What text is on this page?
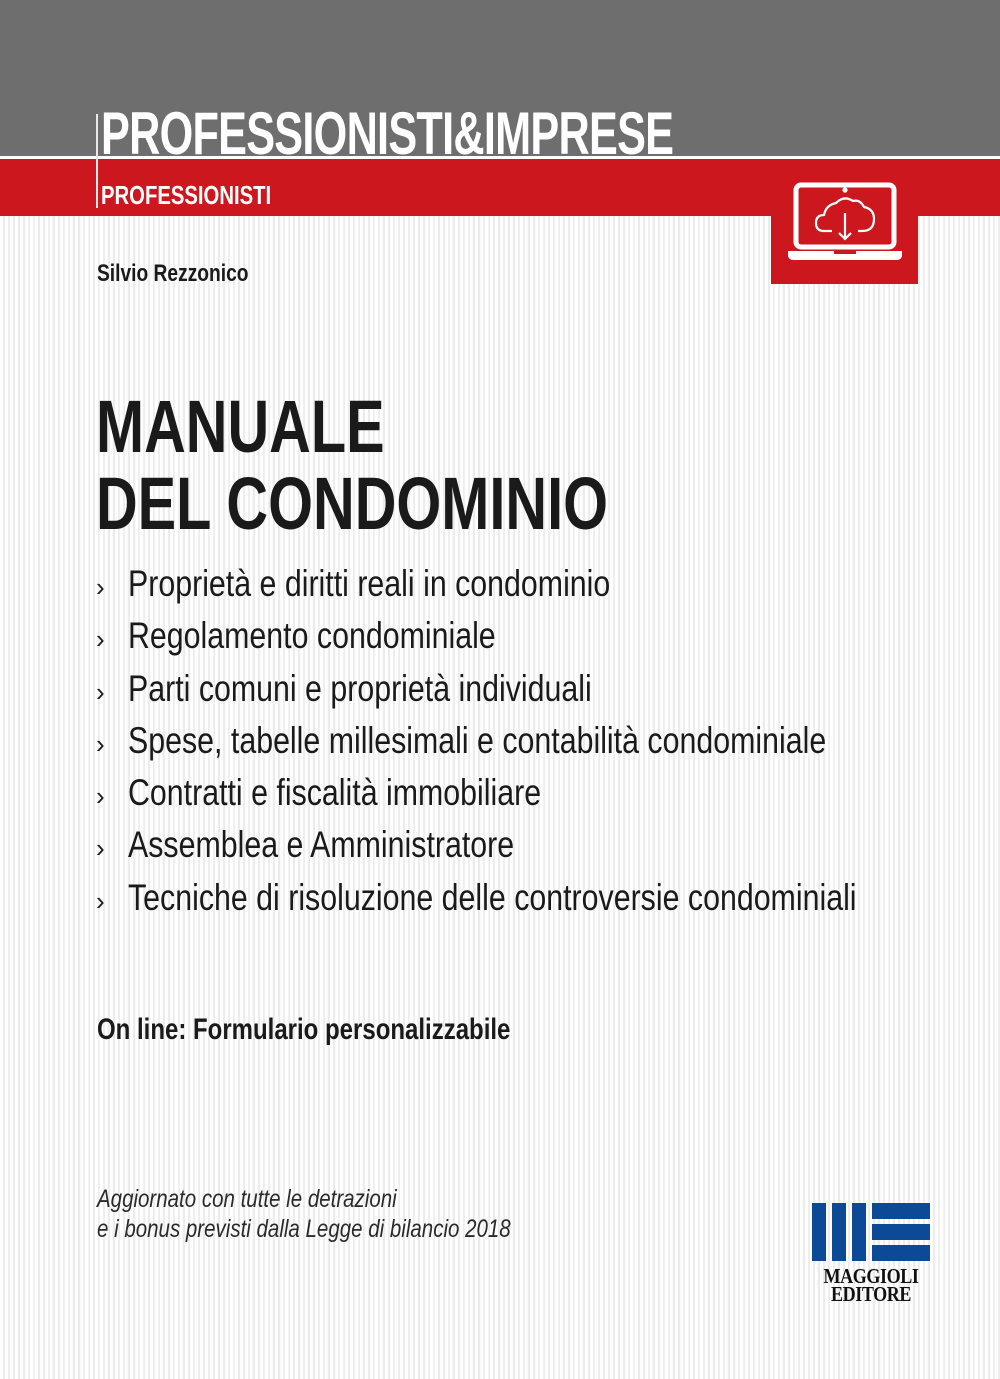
PROFESSIONISTI&IMPRESE
PROFESSIONISTI
Silvio Rezzonico
MANUALE
DEL CONDOMINIO
› Proprietà e diritti reali in condominio
› Regolamento condominiale
› Parti comuni e proprietà individuali
› Spese, tabelle millesimali e contabilità condominiale
› Contratti e fiscalità immobiliare
› Assemblea e Amministratore
› Tecniche di risoluzione delle controversie condominiali
On line: Formulario personalizzabile
Aggiornato con tutte le detrazioni
e i bonus previsti dalla Legge di bilancio 2018
MAGGIOLI
EDITORE
